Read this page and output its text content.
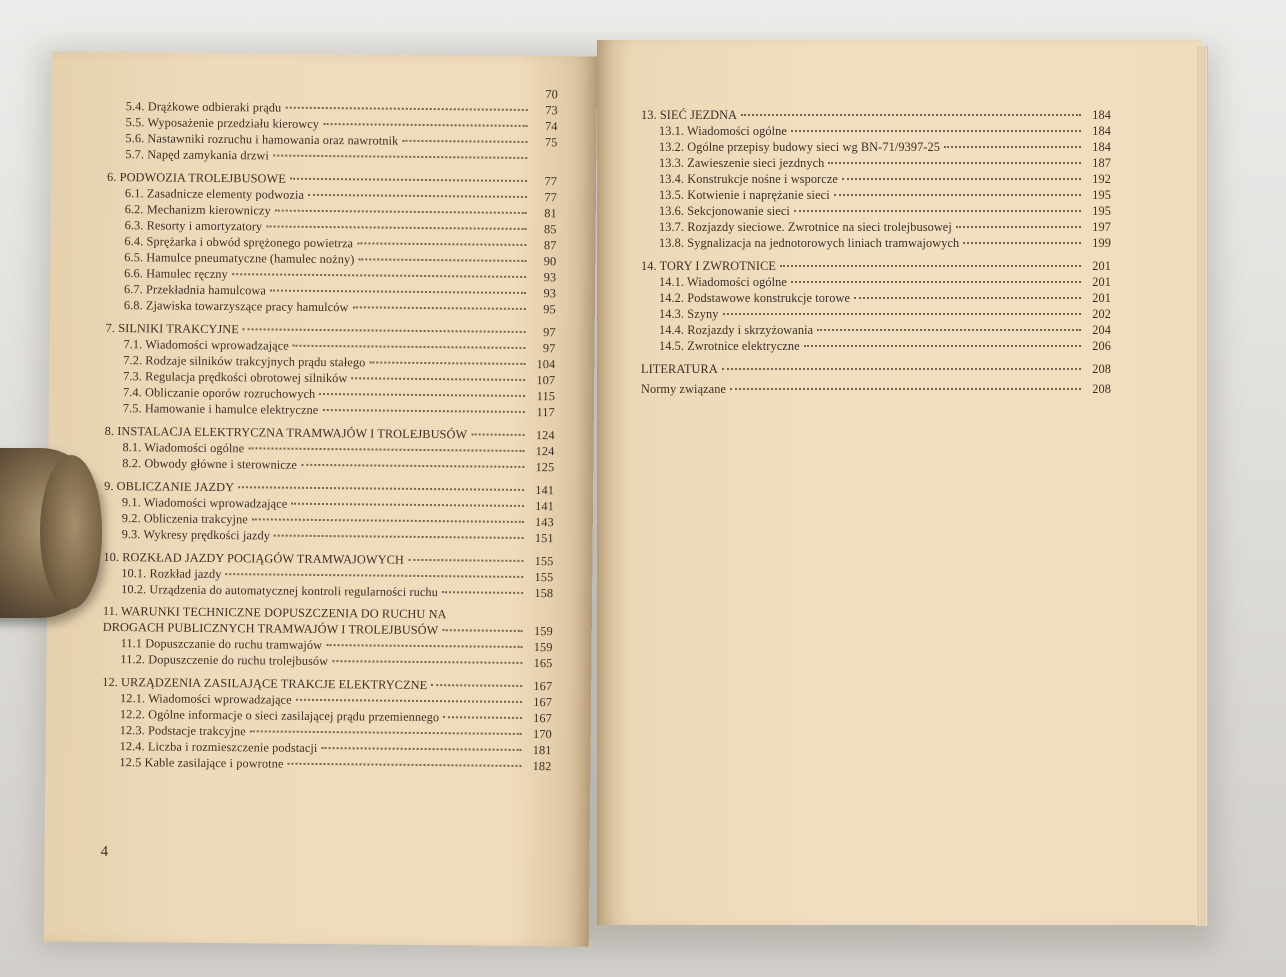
70
5.4. Drążkowe odbieraki prądu	73
5.5. Wyposażenie przedziału kierowcy	74
5.6. Nastawniki rozruchu i hamowania oraz nawrotnik	75
5.7. Napęd zamykania drzwi
6. PODWOZIA TROLEJBUSOWE	77
6.1. Zasadnicze elementy podwozia	77
6.2. Mechanizm kierowniczy	81
6.3. Resorty i amortyzatory	85
6.4. Sprężarka i obwód sprężonego powietrza	87
6.5. Hamulce pneumatyczne (hamulec nożny)	90
6.6. Hamulec ręczny	93
6.7. Przekładnia hamulcowa	93
6.8. Zjawiska towarzyszące pracy hamulców	95
7. SILNIKI TRAKCYJNE	97
7.1. Wiadomości wprowadzające	97
7.2. Rodzaje silników trakcyjnych prądu stałego	104
7.3. Regulacja prędkości obrotowej silników	107
7.4. Obliczanie oporów rozruchowych	115
7.5. Hamowanie i hamulce elektryczne	117
8. INSTALACJA ELEKTRYCZNA TRAMWAJÓW I TROLEJBUSÓW	124
8.1. Wiadomości ogólne	124
8.2. Obwody główne i sterownicze	125
9. OBLICZANIE JAZDY	141
9.1. Wiadomości wprowadzające	141
9.2. Obliczenia trakcyjne	143
9.3. Wykresy prędkości jazdy	151
10. ROZKŁAD JAZDY POCIĄGÓW TRAMWAJOWYCH	155
10.1. Rozkład jazdy	155
10.2. Urządzenia do automatycznej kontroli regularności ruchu	158
11. WARUNKI TECHNICZNE DOPUSZCZENIA DO RUCHU NA
DROGACH PUBLICZNYCH TRAMWAJÓW I TROLEJBUSÓW	159
11.1 Dopuszczanie do ruchu tramwajów	159
11.2. Dopuszczenie do ruchu trolejbusów	165
12. URZĄDZENIA ZASILAJĄCE TRAKCJE ELEKTRYCZNE	167
12.1. Wiadomości wprowadzające	167
12.2. Ogólne informacje o sieci zasilającej prądu przemiennego	167
12.3. Podstacje trakcyjne	170
12.4. Liczba i rozmieszczenie podstacji	181
12.5 Kable zasilające i powrotne	182
4
13. SIEĆ JEZDNA	184
13.1. Wiadomości ogólne	184
13.2. Ogólne przepisy budowy sieci wg BN-71/9397-25	184
13.3. Zawieszenie sieci jezdnych	187
13.4. Konstrukcje nośne i wsporcze	192
13.5. Kotwienie i naprężanie sieci	195
13.6. Sekcjonowanie sieci	195
13.7. Rozjazdy sieciowe. Zwrotnice na sieci trolejbusowej	197
13.8. Sygnalizacja na jednotorowych liniach tramwajowych	199
14. TORY I ZWROTNICE	201
14.1. Wiadomości ogólne	201
14.2. Podstawowe konstrukcje torowe	201
14.3. Szyny	202
14.4. Rozjazdy i skrzyżowania	204
14.5. Zwrotnice elektryczne	206
LITERATURA	208
Normy związane	208
